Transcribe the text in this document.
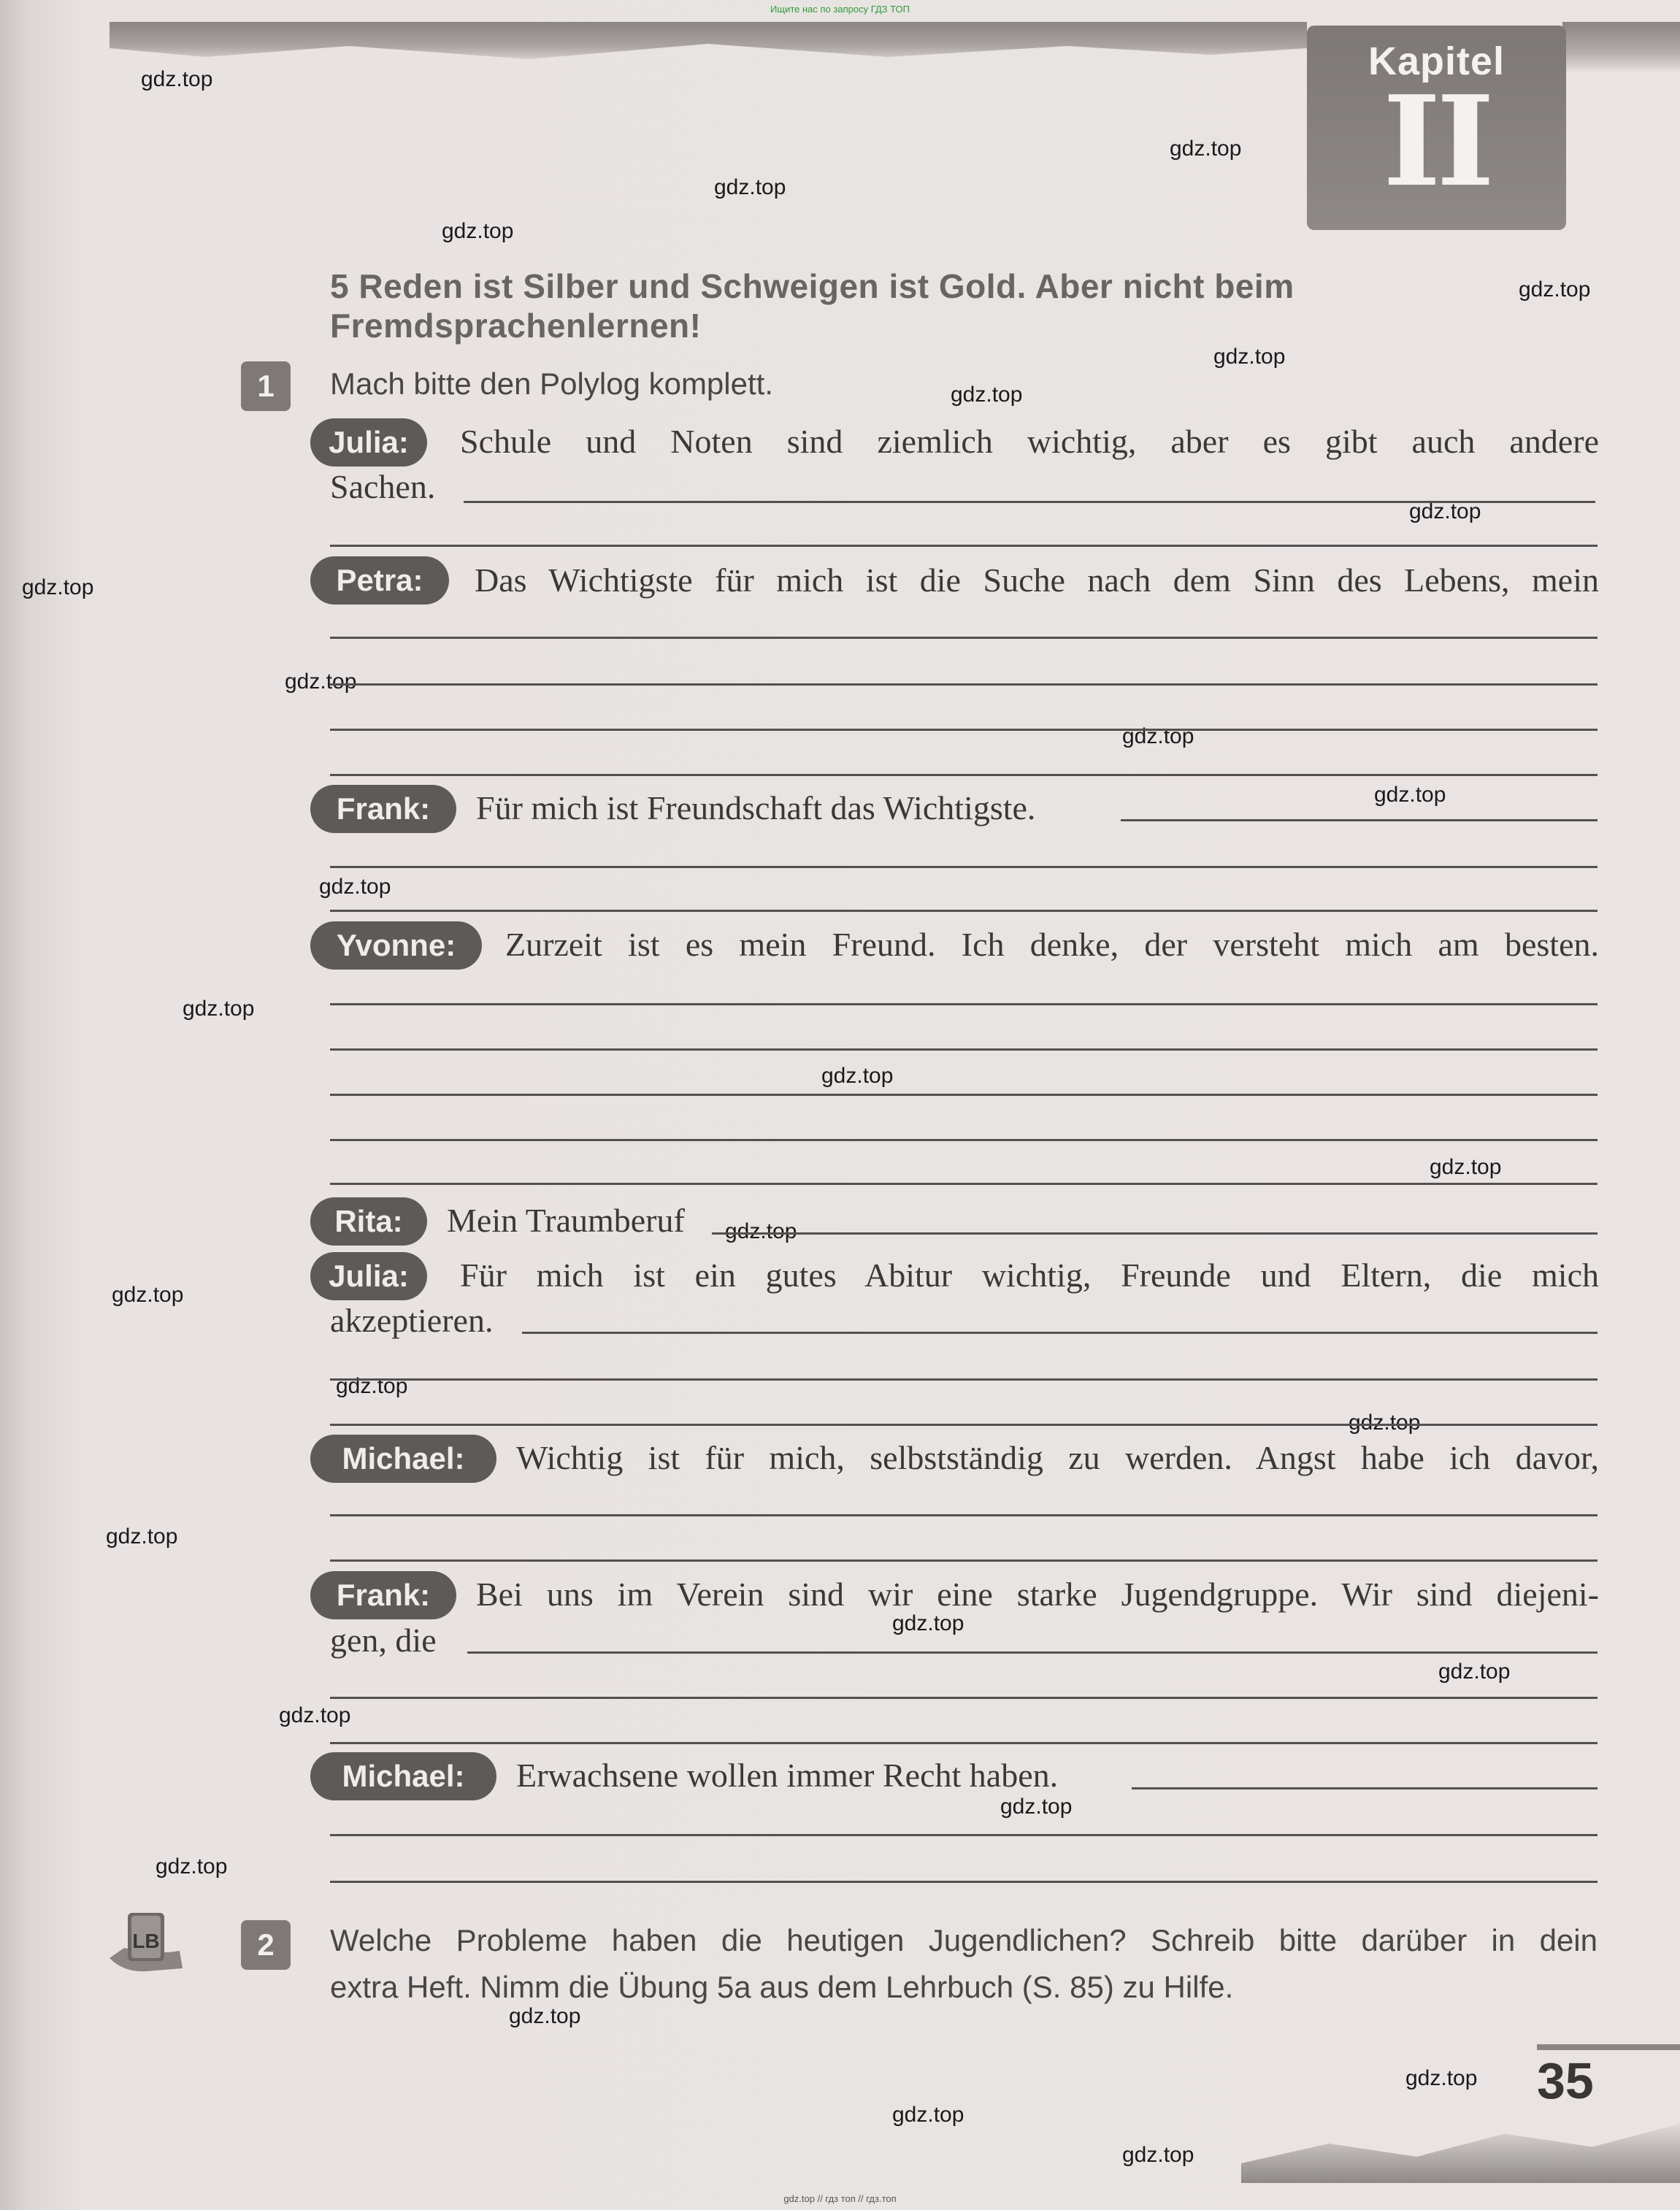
Ищите нас по запросу ГДЗ ТОП
Kapitel
II
gdz.top
gdz.top
gdz.top
gdz.top
gdz.top
gdz.top
gdz.top
gdz.top
gdz.top
gdz.top
gdz.top
gdz.top
gdz.top
gdz.top
gdz.top
gdz.top
gdz.top
gdz.top
gdz.top
gdz.top
gdz.top
gdz.top
gdz.top
gdz.top
gdz.top
gdz.top
gdz.top
gdz.top
gdz.top
gdz.top
5 Reden ist Silber und Schweigen ist Gold. Aber nicht beim Fremdsprachenlernen!
1	Mach bitte den Polylog komplett.
Julia:	Schule und Noten sind ziemlich wichtig, aber es gibt auch andere
Sachen.
Petra:	Das Wichtigste für mich ist die Suche nach dem Sinn des Lebens, mein
Frank:	Für mich ist Freundschaft das Wichtigste.
Yvonne:	Zurzeit ist es mein Freund. Ich denke, der versteht mich am besten.
Rita:	Mein Traumberuf
Julia:	Für mich ist ein gutes Abitur wichtig, Freunde und Eltern, die mich
akzeptieren.
Michael:	Wichtig ist für mich, selbstständig zu werden. Angst habe ich davor,
Frank:	Bei uns im Verein sind wir eine starke Jugendgruppe. Wir sind diejeni-
gen, die
Michael:	Erwachsene wollen immer Recht haben.
LB	2	Welche Probleme haben die heutigen Jugendlichen? Schreib bitte darüber in dein
extra Heft. Nimm die Übung 5a aus dem Lehrbuch (S. 85) zu Hilfe.
35
gdz.top // гдз топ // гдз.топ
